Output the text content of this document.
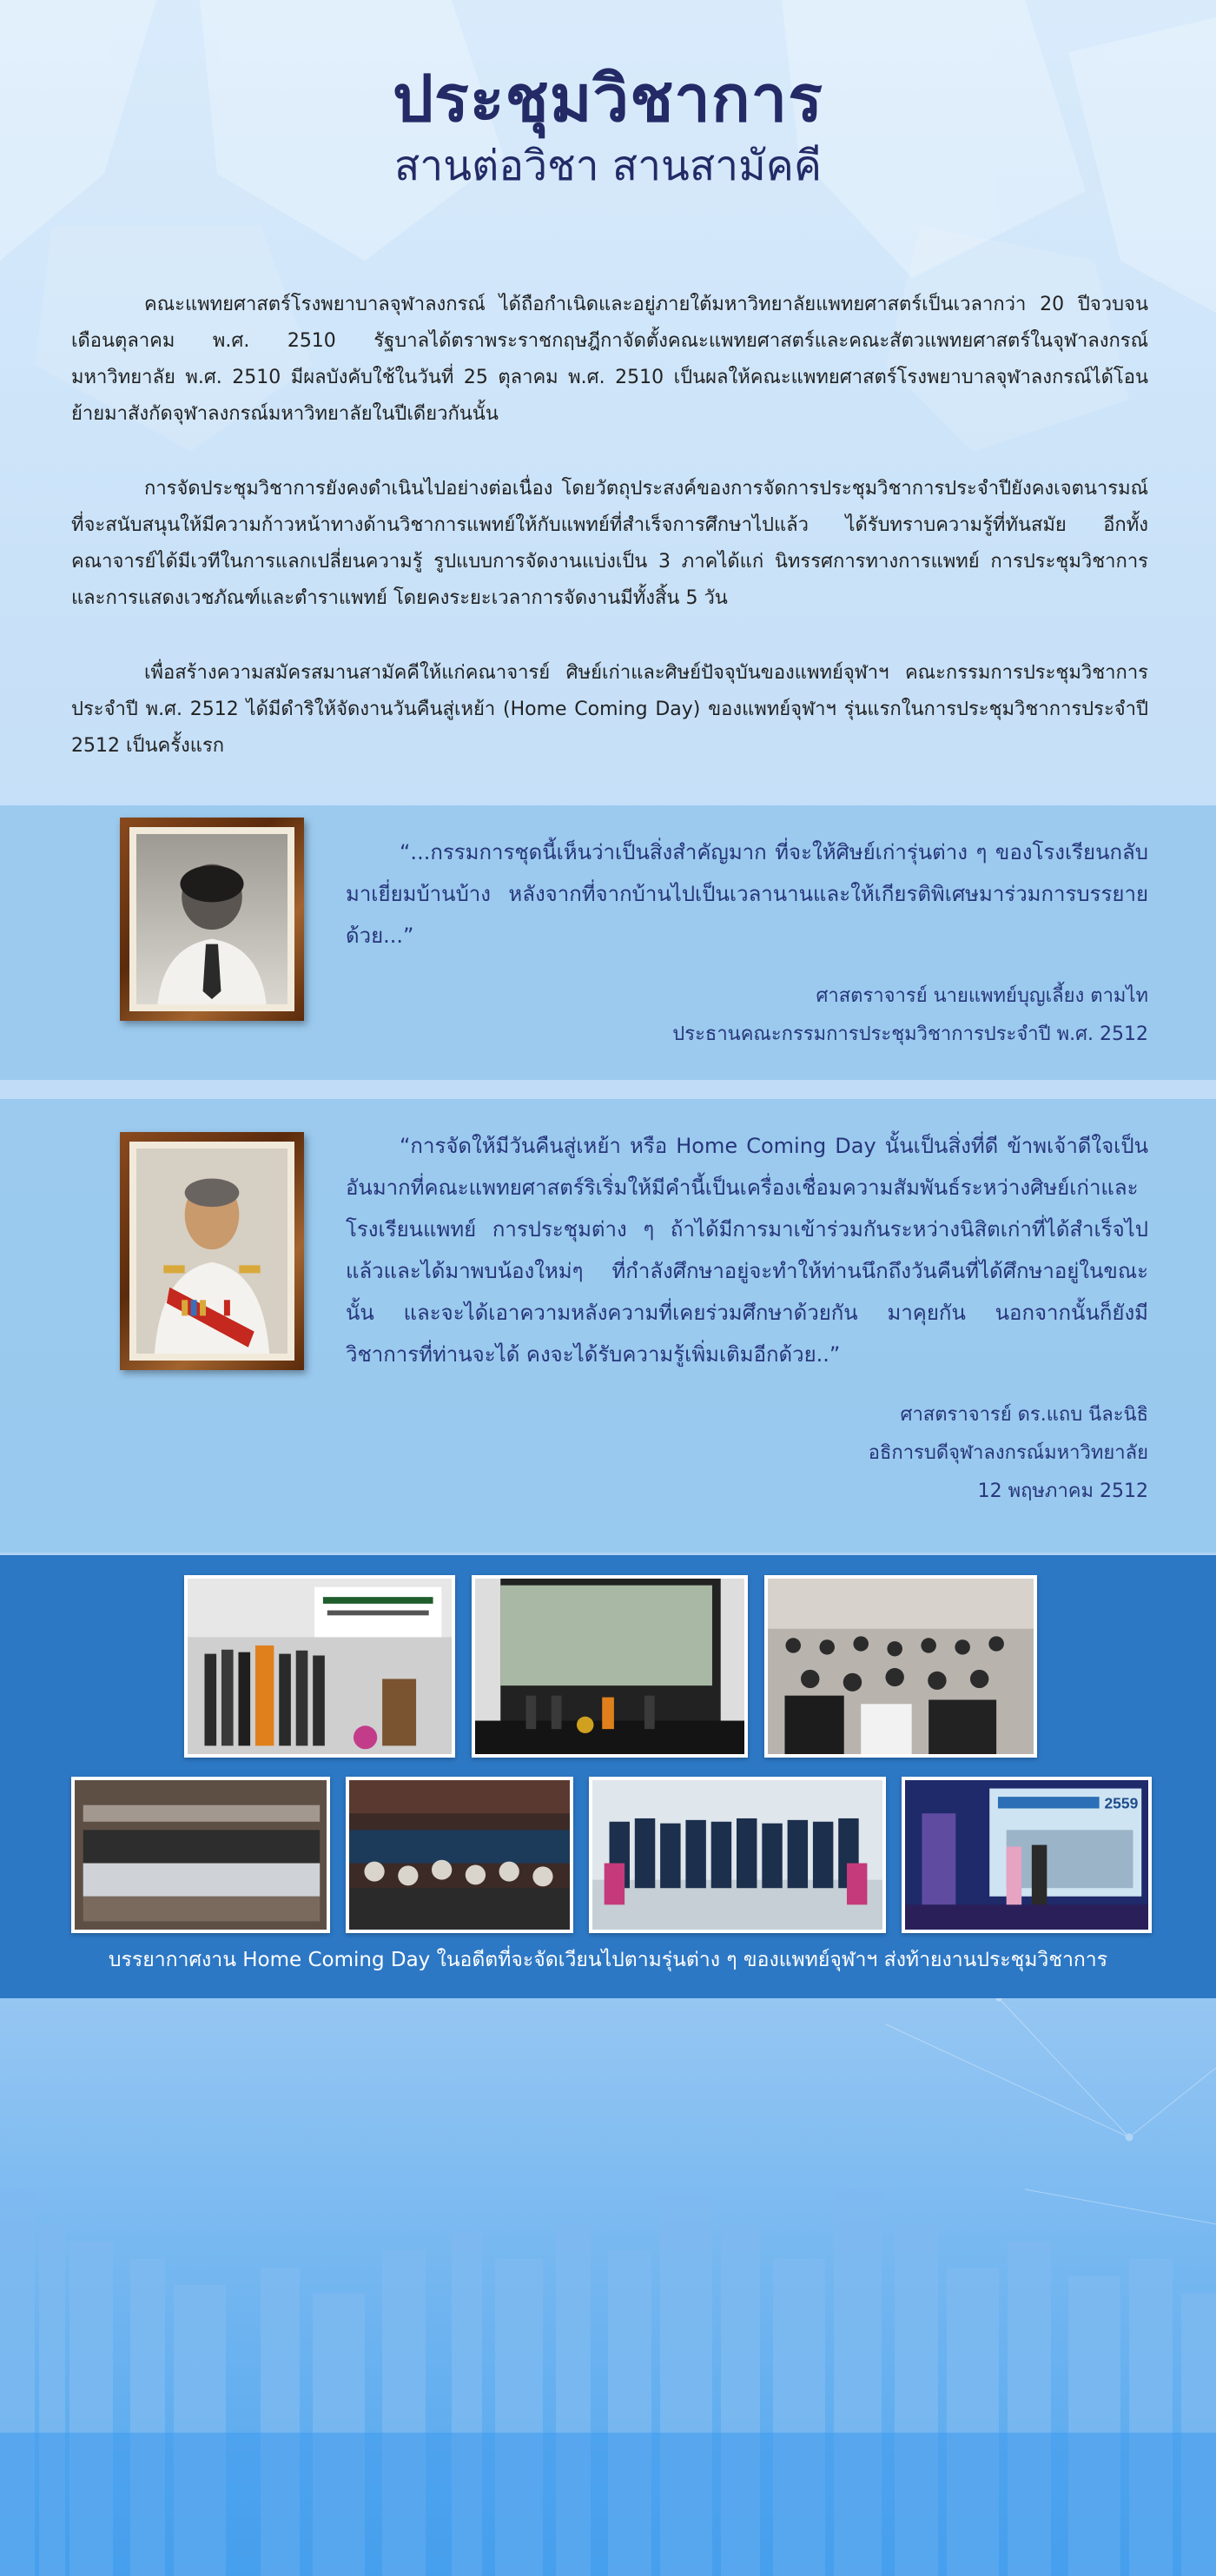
ประชุมวิชาการ
สานต่อวิชา สานสามัคคี

คณะแพทยศาสตร์โรงพยาบาลจุฬาลงกรณ์ ได้ถือกำเนิดและอยู่ภายใต้มหาวิทยาลัยแพทยศาสตร์เป็นเวลากว่า 20 ปีจวบจนเดือนตุลาคม พ.ศ. 2510 รัฐบาลได้ตราพระราชกฤษฎีกาจัดตั้งคณะแพทยศาสตร์และคณะสัตวแพทยศาสตร์ในจุฬาลงกรณ์มหาวิทยาลัย พ.ศ. 2510 มีผลบังคับใช้ในวันที่ 25 ตุลาคม พ.ศ. 2510 เป็นผลให้คณะแพทยศาสตร์โรงพยาบาลจุฬาลงกรณ์ได้โอนย้ายมาสังกัดจุฬาลงกรณ์มหาวิทยาลัยในปีเดียวกันนั้น

การจัดประชุมวิชาการยังคงดำเนินไปอย่างต่อเนื่อง โดยวัตถุประสงค์ของการจัดการประชุมวิชาการประจำปียังคงเจตนารมณ์ที่จะสนับสนุนให้มีความก้าวหน้าทางด้านวิชาการแพทย์ให้กับแพทย์ที่สำเร็จการศึกษาไปแล้ว ได้รับทราบความรู้ที่ทันสมัย อีกทั้งคณาจารย์ได้มีเวทีในการแลกเปลี่ยนความรู้ รูปแบบการจัดงานแบ่งเป็น 3 ภาคได้แก่ นิทรรศการทางการแพทย์ การประชุมวิชาการและการแสดงเวชภัณฑ์และตำราแพทย์ โดยคงระยะเวลาการจัดงานมีทั้งสิ้น 5 วัน

เพื่อสร้างความสมัครสมานสามัคคีให้แก่คณาจารย์ ศิษย์เก่าและศิษย์ปัจจุบันของแพทย์จุฬาฯ คณะกรรมการประชุมวิชาการประจำปี พ.ศ. 2512 ได้มีดำริให้จัดงานวันคืนสู่เหย้า (Home Coming Day) ของแพทย์จุฬาฯ รุ่นแรกในการประชุมวิชาการประจำปี 2512 เป็นครั้งแรก

“...กรรมการชุดนี้เห็นว่าเป็นสิ่งสำคัญมาก ที่จะให้ศิษย์เก่ารุ่นต่าง ๆ ของโรงเรียนกลับมาเยี่ยมบ้านบ้าง หลังจากที่จากบ้านไปเป็นเวลานานและให้เกียรติพิเศษมาร่วมการบรรยายด้วย...”

ศาสตราจารย์ นายแพทย์บุญเลี้ยง ตามไท
ประธานคณะกรรมการประชุมวิชาการประจำปี พ.ศ. 2512

“การจัดให้มีวันคืนสู่เหย้า หรือ Home Coming Day นั้นเป็นสิ่งที่ดี ข้าพเจ้าดีใจเป็นอันมากที่คณะแพทยศาสตร์ริเริ่มให้มีคำนี้เป็นเครื่องเชื่อมความสัมพันธ์ระหว่างศิษย์เก่าและโรงเรียนแพทย์ การประชุมต่าง ๆ ถ้าได้มีการมาเข้าร่วมกันระหว่างนิสิตเก่าที่ได้สำเร็จไปแล้วและได้มาพบน้องใหม่ๆ ที่กำลังศึกษาอยู่จะทำให้ท่านนึกถึงวันคืนที่ได้ศึกษาอยู่ในขณะนั้น และจะได้เอาความหลังความที่เคยร่วมศึกษาด้วยกัน มาคุยกัน นอกจากนั้นก็ยังมีวิชาการที่ท่านจะได้ คงจะได้รับความรู้เพิ่มเติมอีกด้วย..”

ศาสตราจารย์ ดร.แถบ นีละนิธิ
อธิการบดีจุฬาลงกรณ์มหาวิทยาลัย
12 พฤษภาคม 2512
2559
บรรยากาศงาน Home Coming Day ในอดีตที่จะจัดเวียนไปตามรุ่นต่าง ๆ ของแพทย์จุฬาฯ ส่งท้ายงานประชุมวิชาการ
